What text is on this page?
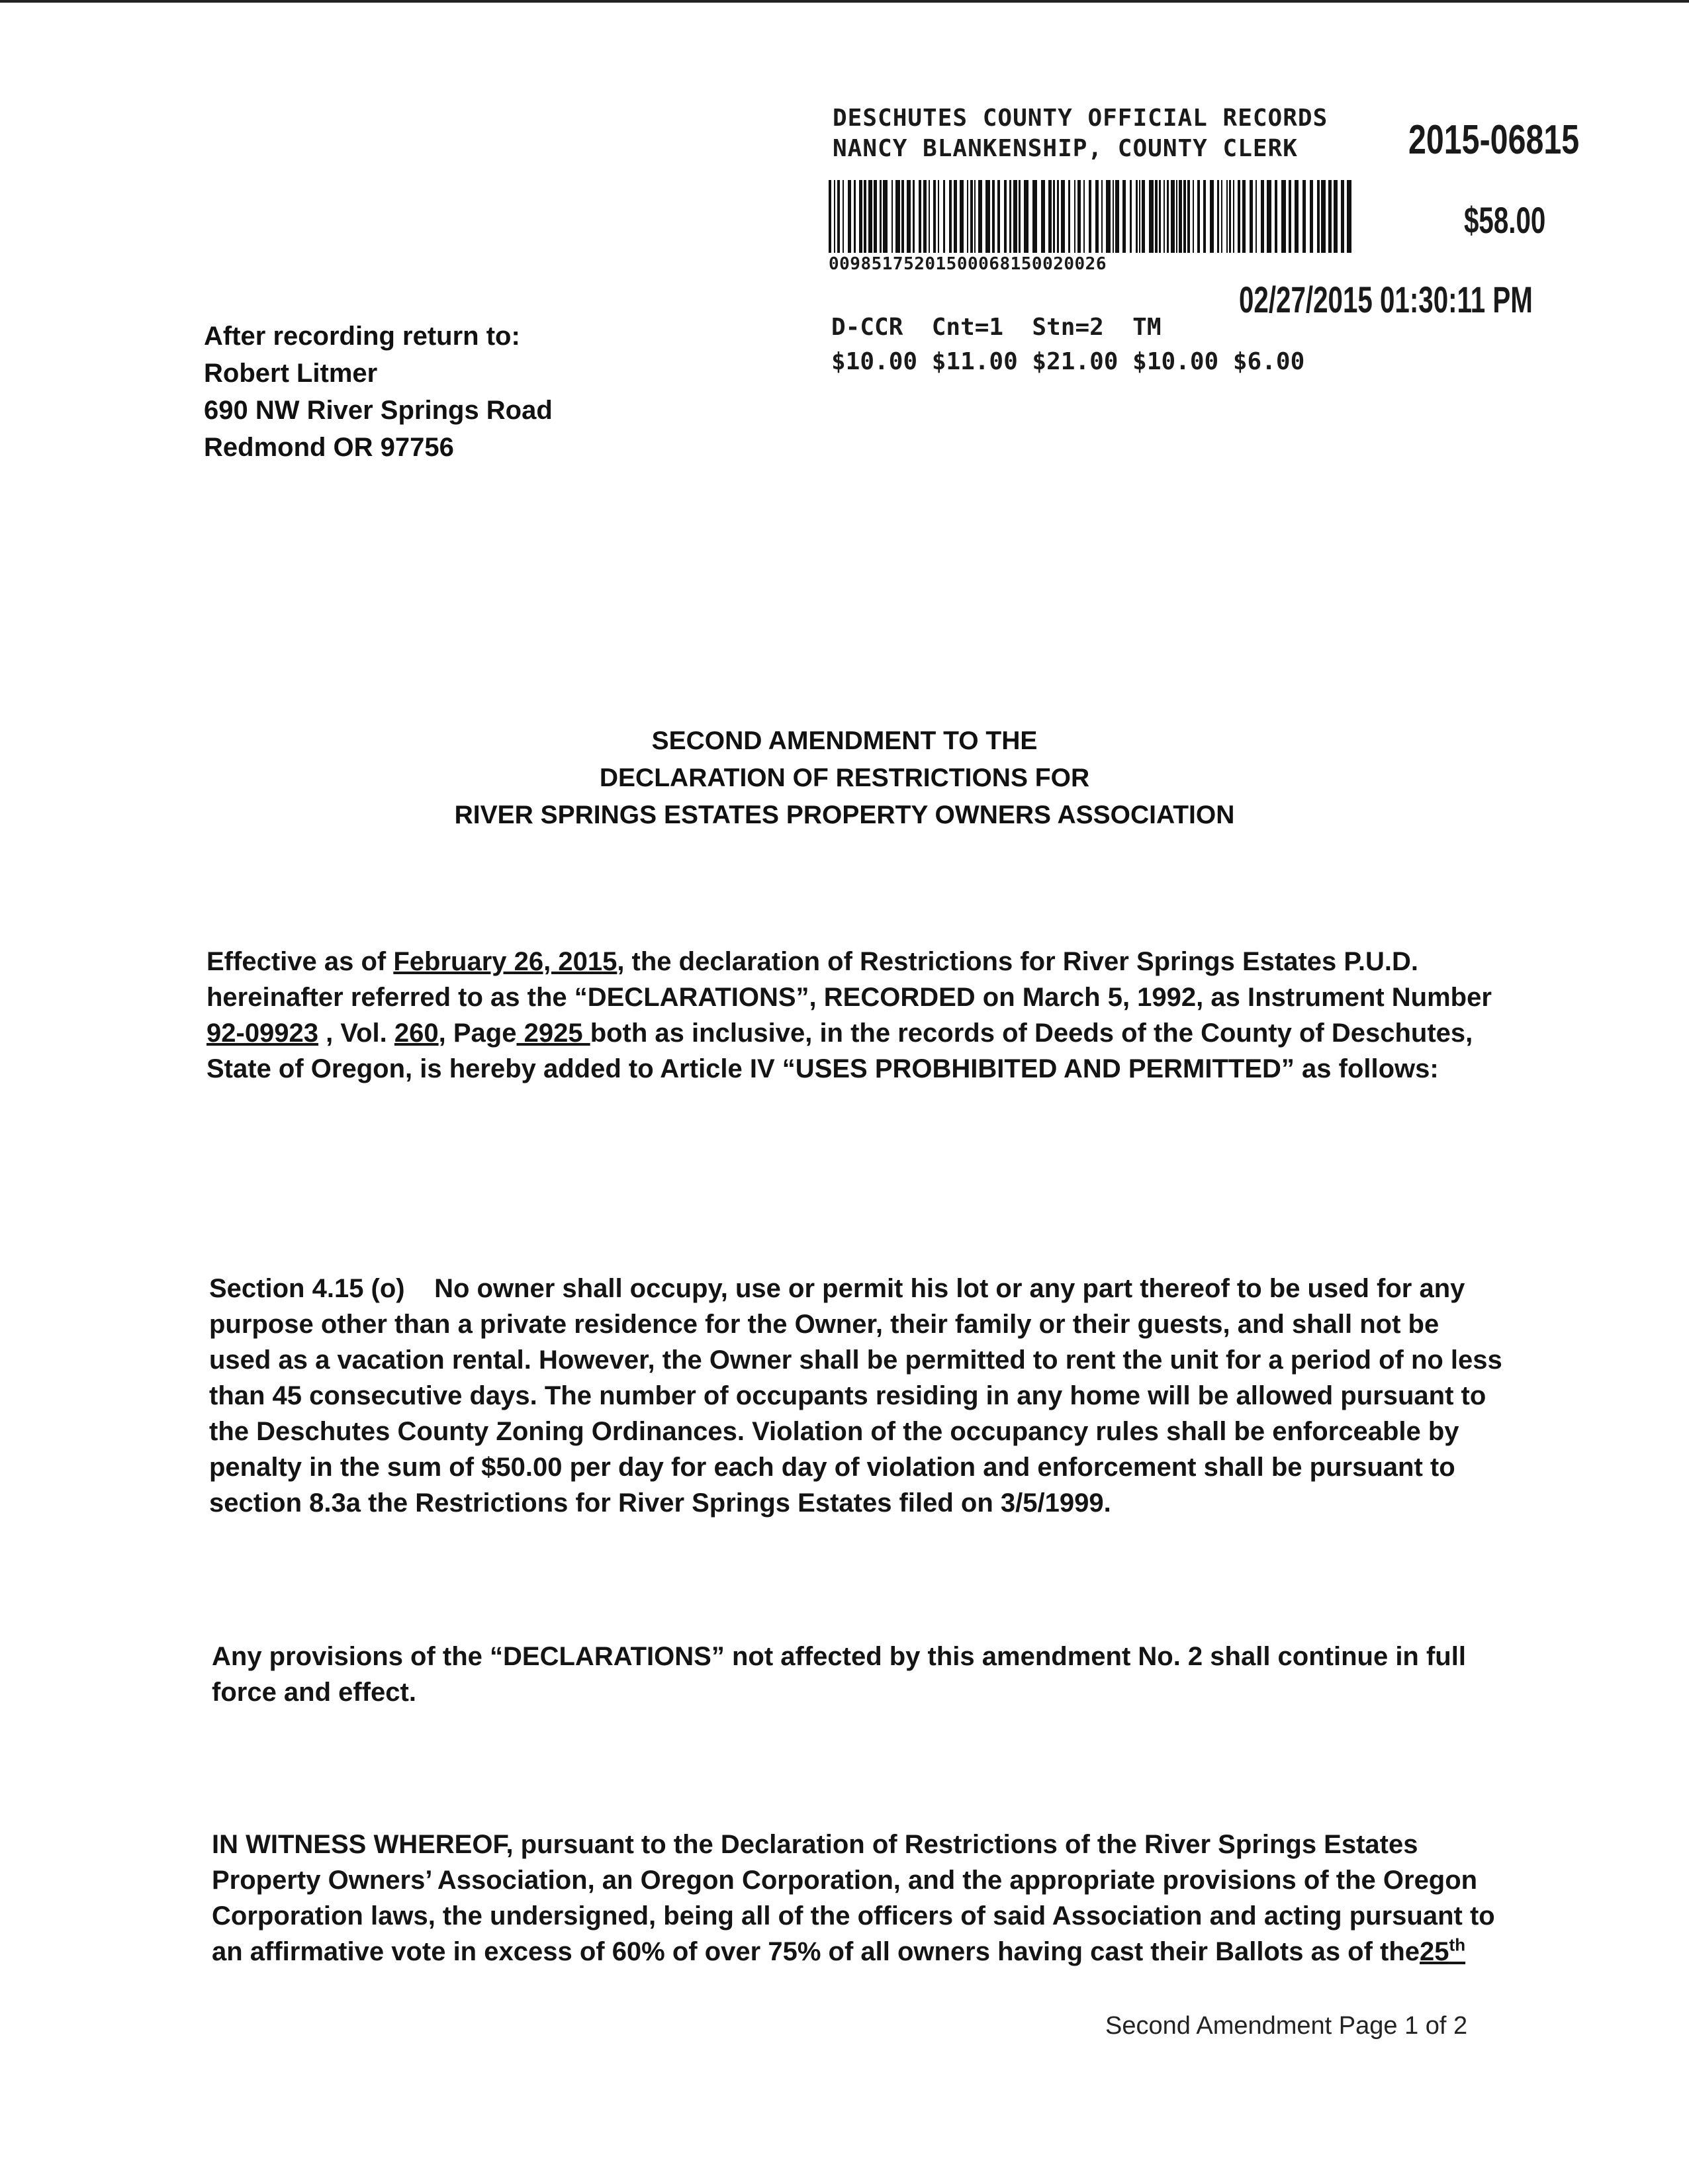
DESCHUTES COUNTY OFFICIAL RECORDS
NANCY BLANKENSHIP, COUNTY CLERK	2015-06815
$58.00
00985175201500068150020026
02/27/2015 01:30:11 PM
D-CCR  Cnt=1  Stn=2  TM
$10.00 $11.00 $21.00 $10.00 $6.00
After recording return to:
Robert Litmer
690 NW River Springs Road
Redmond OR 97756
SECOND AMENDMENT TO THE
DECLARATION OF RESTRICTIONS FOR
RIVER SPRINGS ESTATES PROPERTY OWNERS ASSOCIATION
Effective as of February 26, 2015, the declaration of Restrictions for River Springs Estates P.U.D. hereinafter referred to as the “DECLARATIONS”, RECORDED on March 5, 1992, as Instrument Number 92-09923 , Vol. 260, Page 2925 both as inclusive, in the records of Deeds of the County of Deschutes, State of Oregon, is hereby added to Article IV “USES PROBHIBITED AND PERMITTED” as follows:
Section 4.15 (o)    No owner shall occupy, use or permit his lot or any part thereof to be used for any purpose other than a private residence for the Owner, their family or their guests, and shall not be used as a vacation rental. However, the Owner shall be permitted to rent the unit for a period of no less than 45 consecutive days. The number of occupants residing in any home will be allowed pursuant to the Deschutes County Zoning Ordinances. Violation of the occupancy rules shall be enforceable by penalty in the sum of $50.00 per day for each day of violation and enforcement shall be pursuant to section 8.3a the Restrictions for River Springs Estates filed on 3/5/1999.
Any provisions of the “DECLARATIONS” not affected by this amendment No. 2 shall continue in full force and effect.
IN WITNESS WHEREOF, pursuant to the Declaration of Restrictions of the River Springs Estates Property Owners’ Association, an Oregon Corporation, and the appropriate provisions of the Oregon Corporation laws, the undersigned, being all of the officers of said Association and acting pursuant to an affirmative vote in excess of 60% of over 75% of all owners having cast their Ballots as of the25th
Second Amendment Page 1 of 2
